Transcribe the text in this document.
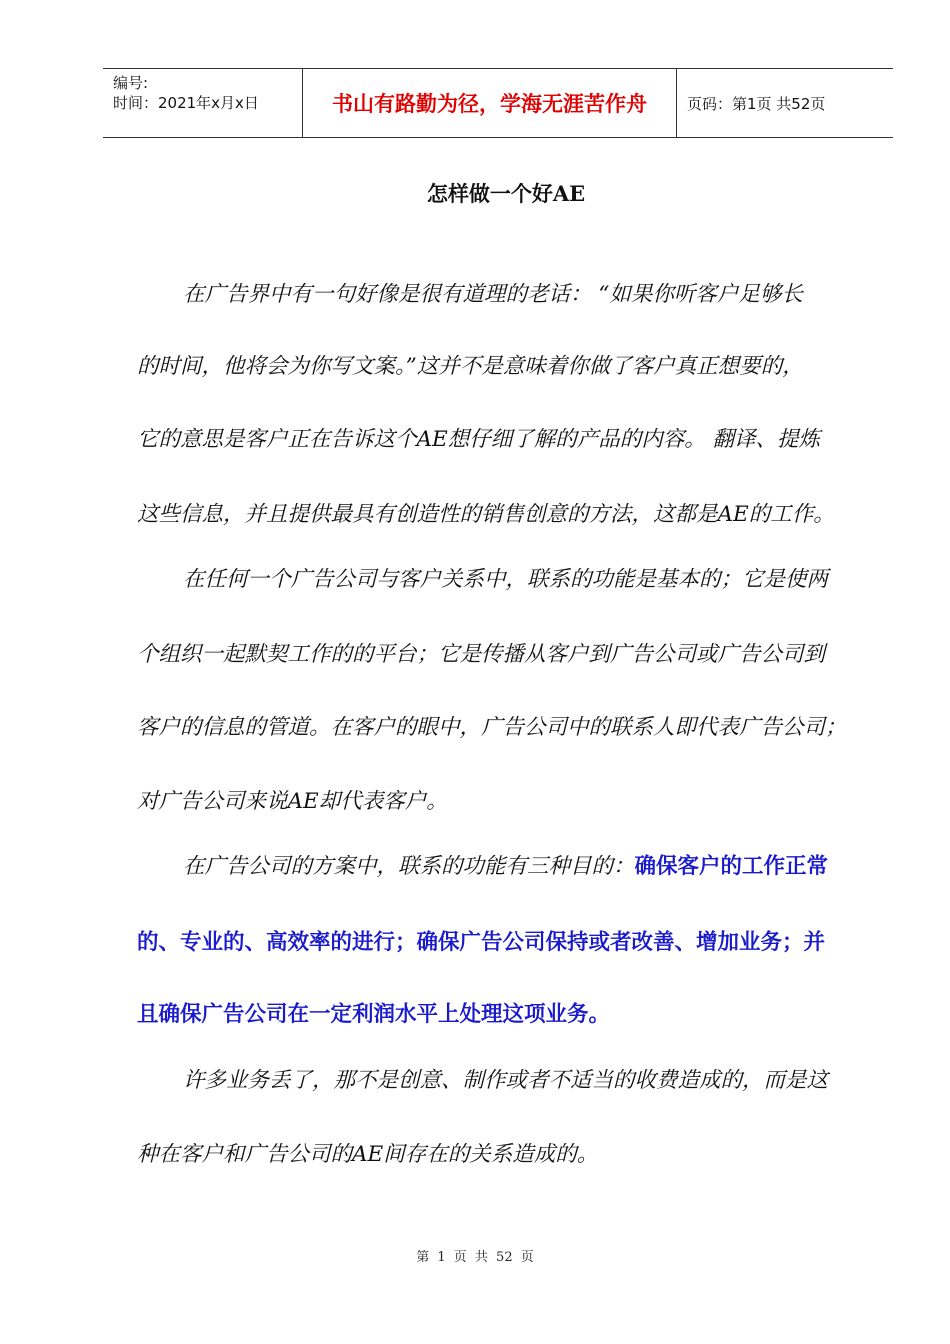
编号:
时间：2021年x月x日	书山有路勤为径，学海无涯苦作舟	页码：第1页 共52页
怎样做一个好AE
在广告界中有一句好像是很有道理的老话： “如果你听客户足够长
的时间，他将会为你写文案。”这并不是意味着你做了客户真正想要的，
它的意思是客户正在告诉这个AE想仔细了解的产品的内容。 翻译、提炼
这些信息，并且提供最具有创造性的销售创意的方法，这都是AE的工作。
在任何一个广告公司与客户关系中，联系的功能是基本的；它是使两
个组织一起默契工作的的平台；它是传播从客户到广告公司或广告公司到
客户的信息的管道。在客户的眼中，广告公司中的联系人即代表广告公司；
对广告公司来说AE却代表客户。
在广告公司的方案中，联系的功能有三种目的：确保客户的工作正常
的、专业的、高效率的进行；确保广告公司保持或者改善、增加业务；并
且确保广告公司在一定利润水平上处理这项业务。
许多业务丢了，那不是创意、制作或者不适当的收费造成的，而是这
种在客户和广告公司的AE间存在的关系造成的。
第 1 页 共 52 页
